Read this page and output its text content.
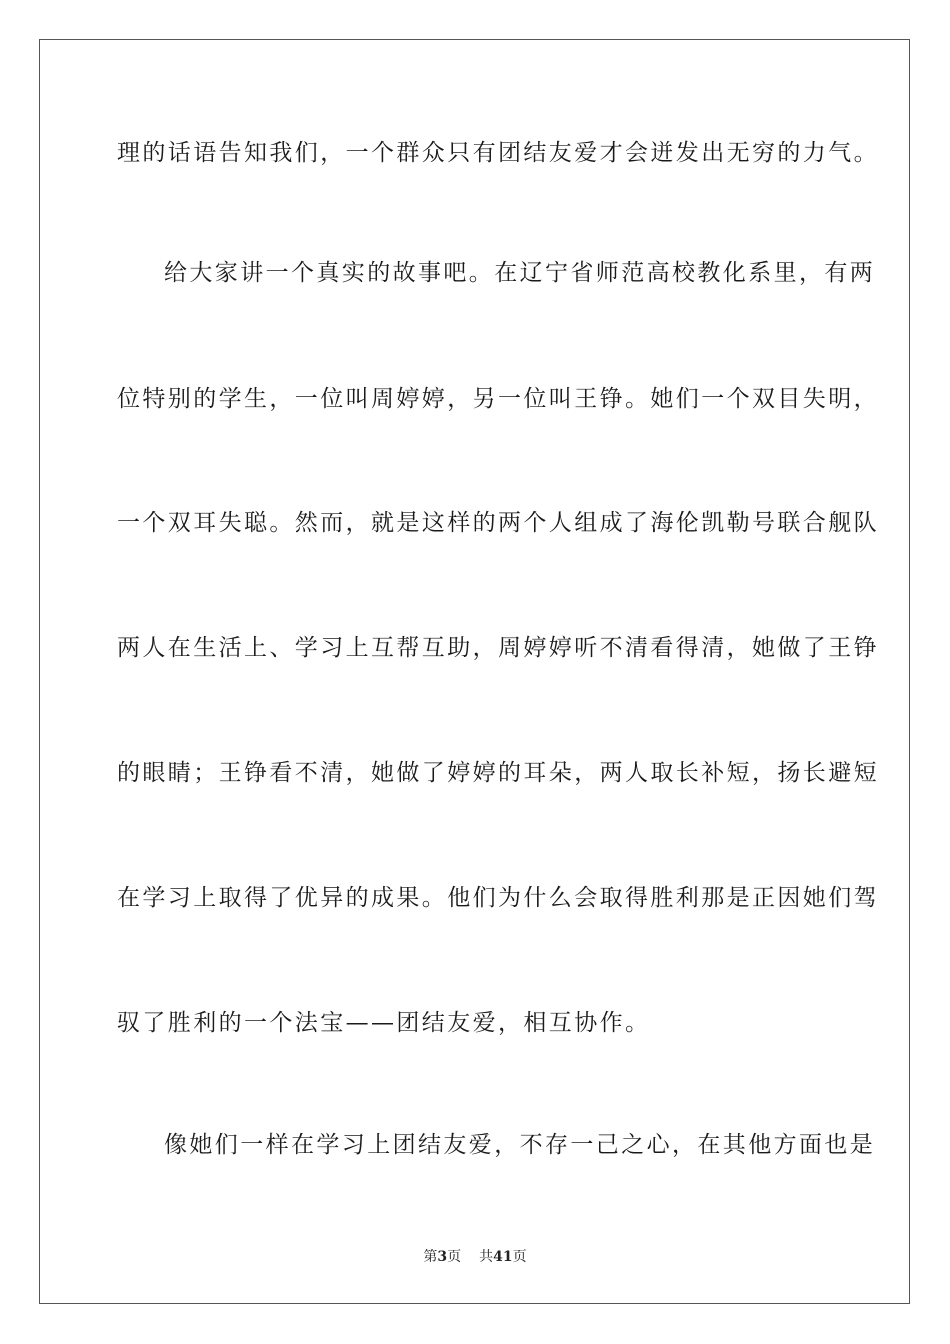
理的话语告知我们，一个群众只有团结友爱才会迸发出无穷的力气。
给大家讲一个真实的故事吧。在辽宁省师范高校教化系里，有两
位特别的学生，一位叫周婷婷，另一位叫王铮。她们一个双目失明，
一个双耳失聪。然而，就是这样的两个人组成了海伦凯勒号联合舰队
两人在生活上、学习上互帮互助，周婷婷听不清看得清，她做了王铮
的眼睛；王铮看不清，她做了婷婷的耳朵，两人取长补短，扬长避短
在学习上取得了优异的成果。他们为什么会取得胜利那是正因她们驾
驭了胜利的一个法宝——团结友爱，相互协作。
像她们一样在学习上团结友爱，不存一己之心，在其他方面也是
第3页 共41页
